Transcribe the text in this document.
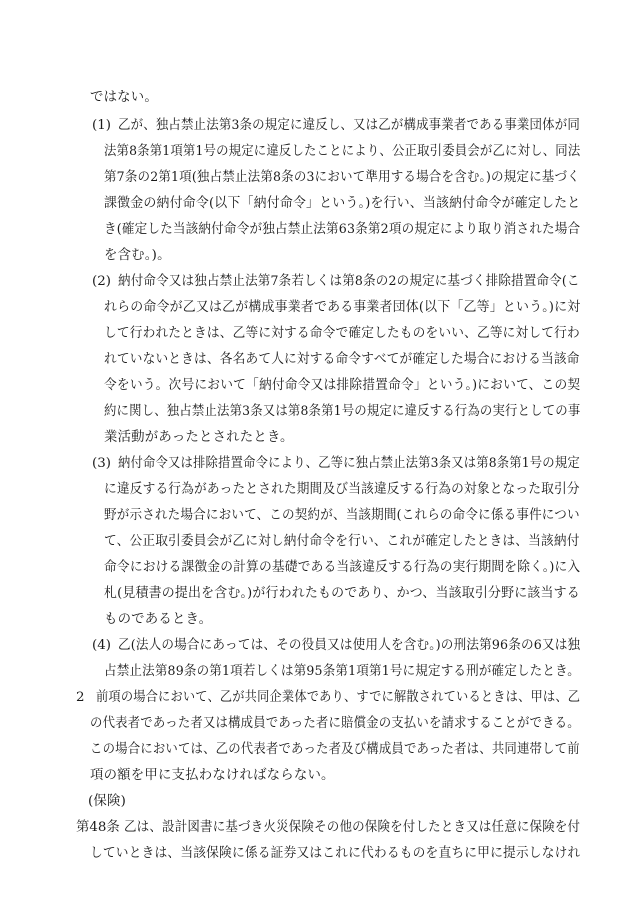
ではない。
(1) 乙が、独占禁止法第3条の規定に違反し、又は乙が構成事業者である事業団体が同
法第8条第1項第1号の規定に違反したことにより、公正取引委員会が乙に対し、同法
第7条の2第1項(独占禁止法第8条の3において準用する場合を含む。)の規定に基づく
課徴金の納付命令(以下「納付命令」という。)を行い、当該納付命令が確定したと
き(確定した当該納付命令が独占禁止法第63条第2項の規定により取り消された場合
を含む。)。
(2) 納付命令又は独占禁止法第7条若しくは第8条の2の規定に基づく排除措置命令(こ
れらの命令が乙又は乙が構成事業者である事業者団体(以下「乙等」という。)に対
して行われたときは、乙等に対する命令で確定したものをいい、乙等に対して行わ
れていないときは、各名あて人に対する命令すべてが確定した場合における当該命
令をいう。次号において「納付命令又は排除措置命令」という。)において、この契
約に関し、独占禁止法第3条又は第8条第1号の規定に違反する行為の実行としての事
業活動があったとされたとき。
(3) 納付命令又は排除措置命令により、乙等に独占禁止法第3条又は第8条第1号の規定
に違反する行為があったとされた期間及び当該違反する行為の対象となった取引分
野が示された場合において、この契約が、当該期間(これらの命令に係る事件につい
て、公正取引委員会が乙に対し納付命令を行い、これが確定したときは、当該納付
命令における課徴金の計算の基礎である当該違反する行為の実行期間を除く。)に入
札(見積書の提出を含む。)が行われたものであり、かつ、当該取引分野に該当する
ものであるとき。
(4) 乙(法人の場合にあっては、その役員又は使用人を含む。)の刑法第96条の6又は独
占禁止法第89条の第1項若しくは第95条第1項第1号に規定する刑が確定したとき。
2 前項の場合において、乙が共同企業体であり、すでに解散されているときは、甲は、乙
の代表者であった者又は構成員であった者に賠償金の支払いを請求することができる。
この場合においては、乙の代表者であった者及び構成員であった者は、共同連帯して前
項の額を甲に支払わなければならない。
(保険)
第48条 乙は、設計図書に基づき火災保険その他の保険を付したとき又は任意に保険を付
していときは、当該保険に係る証券又はこれに代わるものを直ちに甲に提示しなけれ
